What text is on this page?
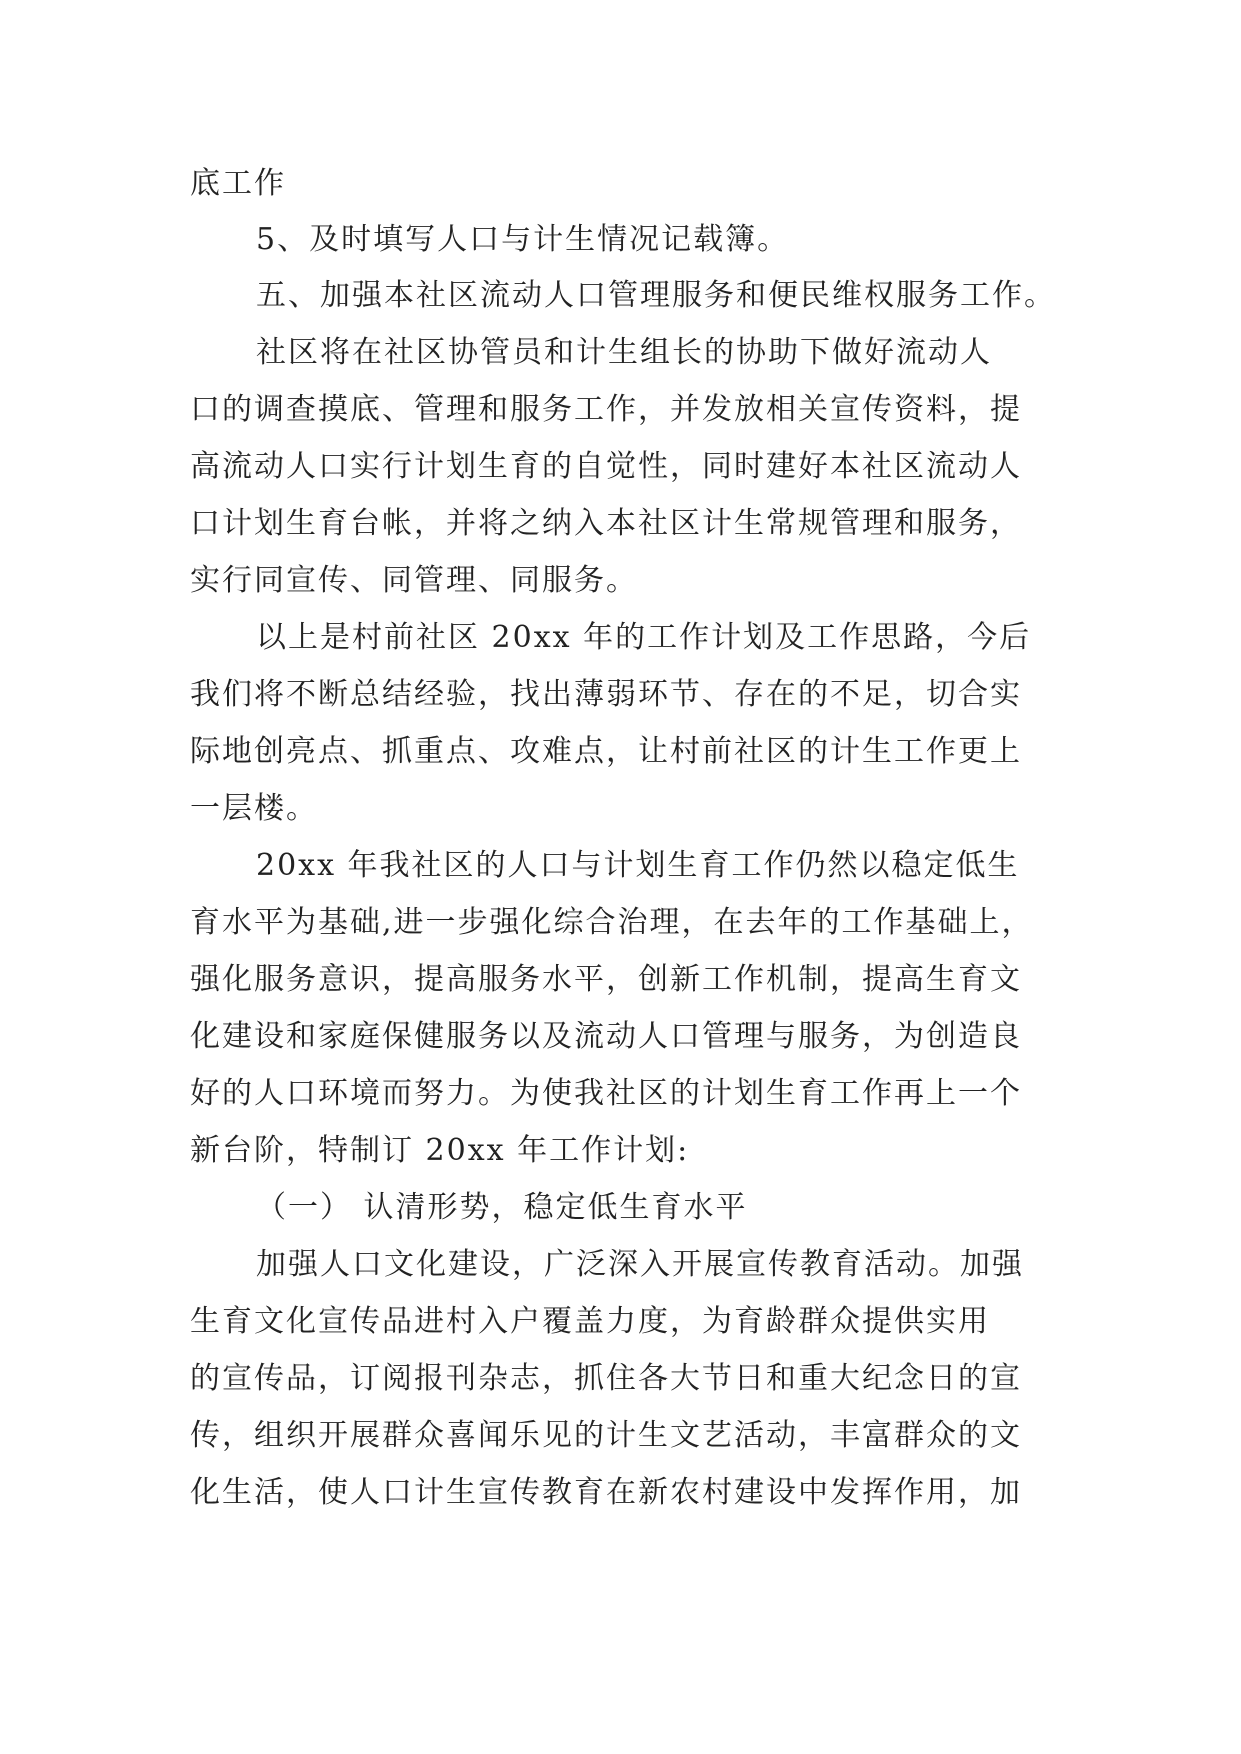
底工作
5、及时填写人口与计生情况记载簿。
五、加强本社区流动人口管理服务和便民维权服务工作。
社区将在社区协管员和计生组长的协助下做好流动人
口的调查摸底、管理和服务工作，并发放相关宣传资料，提
高流动人口实行计划生育的自觉性，同时建好本社区流动人
口计划生育台帐，并将之纳入本社区计生常规管理和服务，
实行同宣传、同管理、同服务。
以上是村前社区 20xx 年的工作计划及工作思路，今后
我们将不断总结经验，找出薄弱环节、存在的不足，切合实
际地创亮点、抓重点、攻难点，让村前社区的计生工作更上
一层楼。
20xx 年我社区的人口与计划生育工作仍然以稳定低生
育水平为基础,进一步强化综合治理，在去年的工作基础上，
强化服务意识，提高服务水平，创新工作机制，提高生育文
化建设和家庭保健服务以及流动人口管理与服务，为创造良
好的人口环境而努力。为使我社区的计划生育工作再上一个
新台阶，特制订 20xx 年工作计划:
（一） 认清形势，稳定低生育水平
加强人口文化建设，广泛深入开展宣传教育活动。加强
生育文化宣传品进村入户覆盖力度，为育龄群众提供实用
的宣传品，订阅报刊杂志，抓住各大节日和重大纪念日的宣
传，组织开展群众喜闻乐见的计生文艺活动，丰富群众的文
化生活，使人口计生宣传教育在新农村建设中发挥作用，加
